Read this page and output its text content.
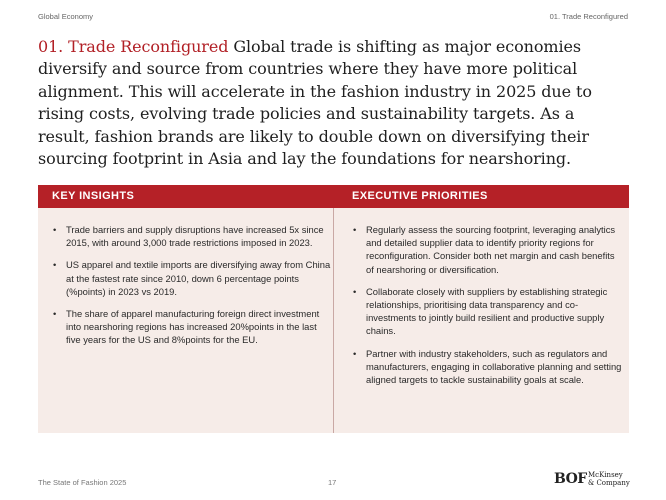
Global Economy	01. Trade Reconfigured

01. Trade Reconfigured Global trade is shifting as major economies diversify and source from countries where they have more political alignment. This will accelerate in the fashion industry in 2025 due to rising costs, evolving trade policies and sustainability targets. As a result, fashion brands are likely to double down on diversifying their sourcing footprint in Asia and lay the foundations for nearshoring.

KEY INSIGHTS	EXECUTIVE PRIORITIES
• Trade barriers and supply disruptions have increased 5x since 2015, with around 3,000 trade restrictions imposed in 2023.
• US apparel and textile imports are diversifying away from China at the fastest rate since 2010, down 6 percentage points (%points) in 2023 vs 2019.
• The share of apparel manufacturing foreign direct investment into nearshoring regions has increased 20%points in the last five years for the US and 8%points for the EU.
• Regularly assess the sourcing footprint, leveraging analytics and detailed supplier data to identify priority regions for reconfiguration. Consider both net margin and cash benefits of nearshoring or diversification.
• Collaborate closely with suppliers by establishing strategic relationships, prioritising data transparency and co-investments to jointly build resilient and productive supply chains.
• Partner with industry stakeholders, such as regulators and manufacturers, engaging in collaborative planning and setting aligned targets to tackle sustainability goals at scale.
The State of Fashion 2025	17	BOF McKinsey
& Company
